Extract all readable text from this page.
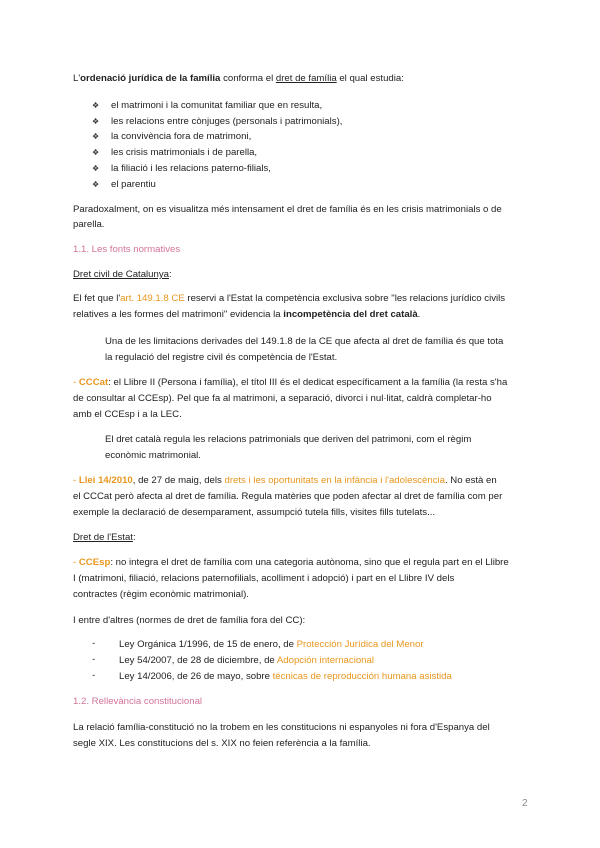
L'ordenació jurídica de la família conforma el dret de família el qual estudia:
❖ el matrimoni i la comunitat familiar que en resulta,
❖ les relacions entre cònjuges (personals i patrimonials),
❖ la convivència fora de matrimoni,
❖ les crisis matrimonials i de parella,
❖ la filiació i les relacions paterno-filials,
❖ el parentiu
Paradoxalment, on es visualitza més intensament el dret de família és en les crisis matrimonials o de
parella.
1.1. Les fonts normatives
Dret civil de Catalunya:
El fet que l'art. 149.1.8 CE reservi a l'Estat la competència exclusiva sobre "les relacions jurídico civils
relatives a les formes del matrimoni" evidencia la incompetència del dret català.
Una de les limitacions derivades del 149.1.8 de la CE que afecta al dret de família és que tota
la regulació del registre civil és competència de l'Estat.
- CCCat: el Llibre II (Persona i família), el títol III és el dedicat específicament a la família (la resta s'ha
de consultar al CCEsp). Pel que fa al matrimoni, a separació, divorci i nul·litat, caldrà completar-ho
amb el CCEsp i a la LEC.
El dret català regula les relacions patrimonials que deriven del patrimoni, com el règim
econòmic matrimonial.
- Llei 14/2010, de 27 de maig, dels drets i les oportunitats en la infància i l'adolescència. No està en
el CCCat però afecta al dret de família. Regula matèries que poden afectar al dret de família com per
exemple la declaració de desemparament, assumpció tutela fills, visites fills tutelats...
Dret de l'Estat:
- CCEsp: no integra el dret de família com una categoria autònoma, sino que el regula part en el Llibre
I (matrimoni, filiació, relacions paternofilials, acolliment i adopció) i part en el Llibre IV dels
contractes (règim econòmic matrimonial).
I entre d'altres (normes de dret de família fora del CC):
- Ley Orgánica 1/1996, de 15 de enero, de Protección Jurídica del Menor
- Ley 54/2007, de 28 de diciembre, de Adopción internacional
- Ley 14/2006, de 26 de mayo, sobre técnicas de reproducción humana asistida
1.2. Rellevància constitucional
La relació família-constitució no la trobem en les constitucions ni espanyoles ni fora d'Espanya del
segle XIX. Les constitucions del s. XIX no feien referència a la família.
2
